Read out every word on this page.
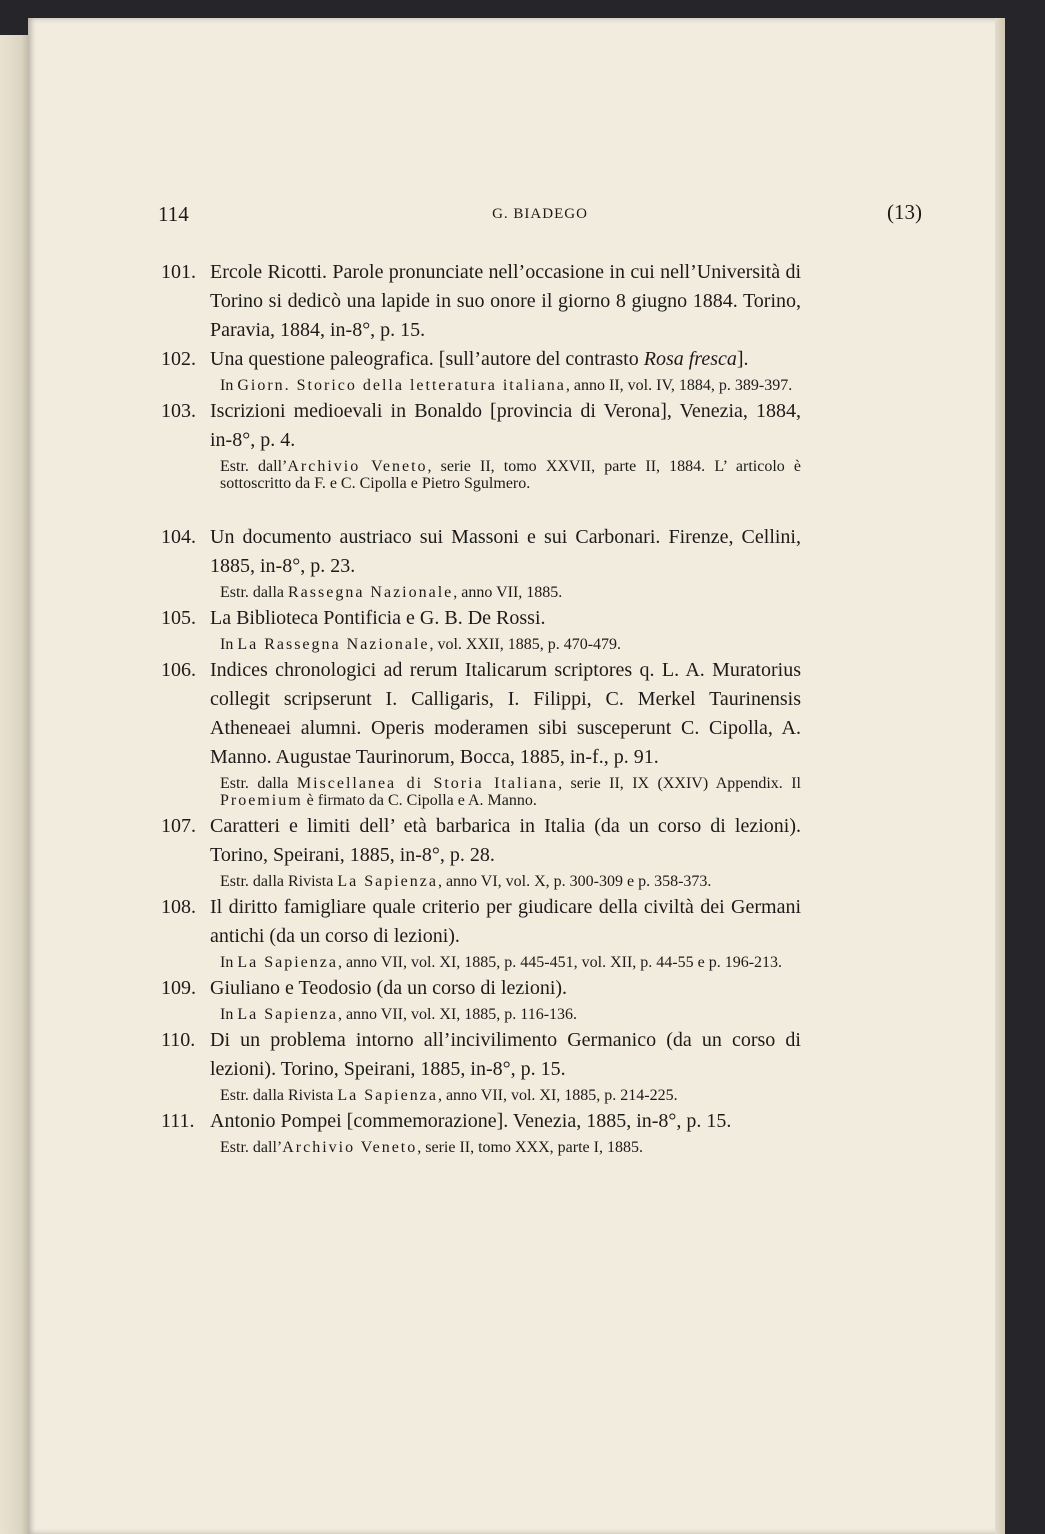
114	G. BIADEGO	(13)
101. Ercole Ricotti. Parole pronunciate nell’occasione in cui nell’Università di Torino si dedicò una lapide in suo onore il giorno 8 giugno 1884. Torino, Paravia, 1884, in-8°, p. 15.
102. Una questione paleografica. [sull’autore del contrasto Rosa fresca].
In Giorn. Storico della letteratura italiana, anno II, vol. IV, 1884, p. 389-397.
103. Iscrizioni medioevali in Bonaldo [provincia di Verona], Venezia, 1884, in-8°, p. 4.
Estr. dall’Archivio Veneto, serie II, tomo XXVII, parte II, 1884. L’ articolo è sottoscritto da F. e C. Cipolla e Pietro Sgulmero.
104. Un documento austriaco sui Massoni e sui Carbonari. Firenze, Cellini, 1885, in-8°, p. 23.
Estr. dalla Rassegna Nazionale, anno VII, 1885.
105. La Biblioteca Pontificia e G. B. De Rossi.
In La Rassegna Nazionale, vol. XXII, 1885, p. 470-479.
106. Indices chronologici ad rerum Italicarum scriptores q. L. A. Muratorius collegit scripserunt I. Calligaris, I. Filippi, C. Merkel Taurinensis Atheneaei alumni. Operis moderamen sibi susceperunt C. Cipolla, A. Manno. Augustae Taurinorum, Bocca, 1885, in-f., p. 91.
Estr. dalla Miscellanea di Storia Italiana, serie II, IX (XXIV) Appendix. Il Proemium è firmato da C. Cipolla e A. Manno.
107. Caratteri e limiti dell’ età barbarica in Italia (da un corso di lezioni). Torino, Speirani, 1885, in-8°, p. 28.
Estr. dalla Rivista La Sapienza, anno VI, vol. X, p. 300-309 e p. 358-373.
108. Il diritto famigliare quale criterio per giudicare della civiltà dei Germani antichi (da un corso di lezioni).
In La Sapienza, anno VII, vol. XI, 1885, p. 445-451, vol. XII, p. 44-55 e p. 196-213.
109. Giuliano e Teodosio (da un corso di lezioni).
In La Sapienza, anno VII, vol. XI, 1885, p. 116-136.
110. Di un problema intorno all’incivilimento Germanico (da un corso di lezioni). Torino, Speirani, 1885, in-8°, p. 15.
Estr. dalla Rivista La Sapienza, anno VII, vol. XI, 1885, p. 214-225.
111. Antonio Pompei [commemorazione]. Venezia, 1885, in-8°, p. 15.
Estr. dall’Archivio Veneto, serie II, tomo XXX, parte I, 1885.
